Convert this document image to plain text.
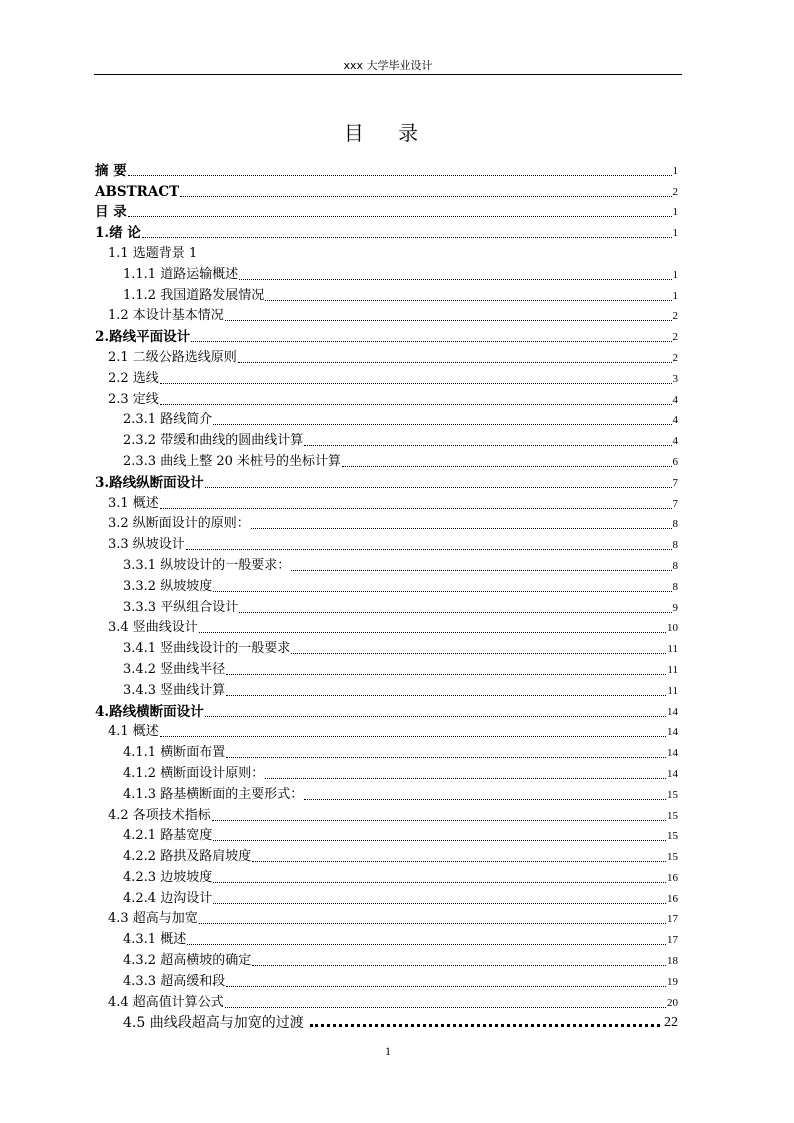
xxx 大学毕业设计
目 录
摘 要	1
ABSTRACT	2
目 录	1
1.绪 论	1
1.1 选题背景 1
1.1.1 道路运输概述	1
1.1.2 我国道路发展情况	1
1.2 本设计基本情况	2
2.路线平面设计	2
2.1 二级公路选线原则	2
2.2 选线	3
2.3 定线	4
2.3.1 路线简介	4
2.3.2 带缓和曲线的圆曲线计算	4
2.3.3 曲线上整 20 米桩号的坐标计算	6
3.路线纵断面设计	7
3.1 概述	7
3.2 纵断面设计的原则：	8
3.3 纵坡设计	8
3.3.1 纵坡设计的一般要求：	8
3.3.2 纵坡坡度	8
3.3.3 平纵组合设计	9
3.4 竖曲线设计	10
3.4.1 竖曲线设计的一般要求	11
3.4.2 竖曲线半径	11
3.4.3 竖曲线计算	11
4.路线横断面设计	14
4.1 概述	14
4.1.1 横断面布置	14
4.1.2 横断面设计原则：	14
4.1.3 路基横断面的主要形式：	15
4.2 各项技术指标	15
4.2.1 路基宽度	15
4.2.2 路拱及路肩坡度	15
4.2.3 边坡坡度	16
4.2.4 边沟设计	16
4.3 超高与加宽	17
4.3.1 概述	17
4.3.2 超高横坡的确定	18
4.3.3 超高缓和段	19
4.4 超高值计算公式	20
4.5 曲线段超高与加宽的过渡	22
1
